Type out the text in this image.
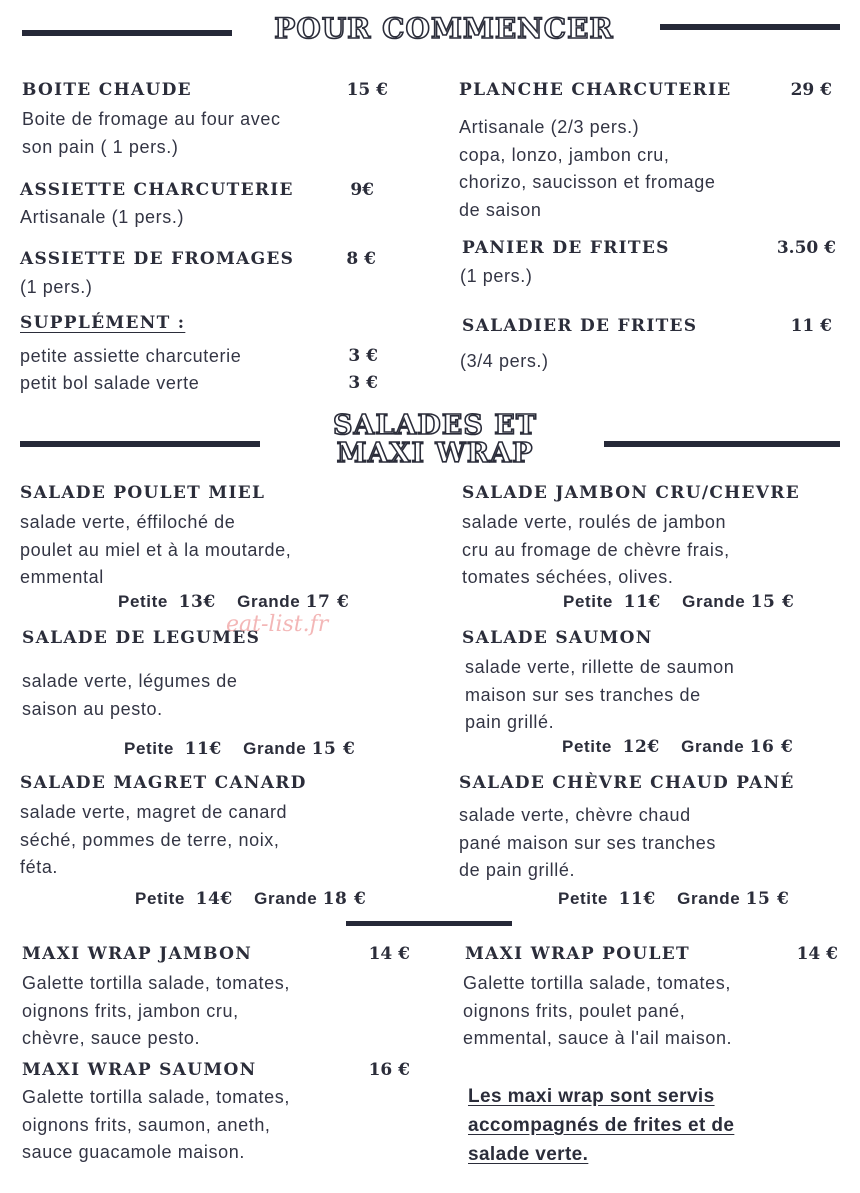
POUR COMMENCER
BOITE CHAUDE	15 €
Boite de fromage au four avec
son pain ( 1 pers.)
ASSIETTE CHARCUTERIE	9€
Artisanale (1 pers.)
ASSIETTE DE FROMAGES	8 €
(1 pers.)
SUPPLÉMENT :
petite assiette charcuterie	3 €
petit bol salade verte	3 €
PLANCHE CHARCUTERIE	29 €
Artisanale (2/3 pers.)
copa, lonzo, jambon cru,
chorizo, saucisson et fromage
de saison
PANIER DE FRITES	3.50 €
(1 pers.)
SALADIER DE FRITES	11 €
(3/4 pers.)
SALADES ET
MAXI WRAP
SALADE POULET MIEL
salade verte, éffiloché de
poulet au miel et à la moutarde,
emmental
Petite 13€ Grande 17 €
SALADE DE LEGUMES
salade verte, légumes de
saison au pesto.
Petite 11€ Grande 15 €
SALADE MAGRET CANARD
salade verte, magret de canard
séché, pommes de terre, noix,
féta.
Petite 14€ Grande 18 €
SALADE JAMBON CRU/CHEVRE
salade verte, roulés de jambon
cru au fromage de chèvre frais,
tomates séchées, olives.
Petite 11€ Grande 15 €
SALADE SAUMON
salade verte, rillette de saumon
maison sur ses tranches de
pain grillé.
Petite 12€ Grande 16 €
SALADE CHÈVRE CHAUD PANÉ
salade verte, chèvre chaud
pané maison sur ses tranches
de pain grillé.
Petite 11€ Grande 15 €
MAXI WRAP JAMBON	14 €
Galette tortilla salade, tomates,
oignons frits, jambon cru,
chèvre, sauce pesto.
MAXI WRAP SAUMON	16 €
Galette tortilla salade, tomates,
oignons frits, saumon, aneth,
sauce guacamole maison.
MAXI WRAP POULET	14 €
Galette tortilla salade, tomates,
oignons frits, poulet pané,
emmental, sauce à l'ail maison.
Les maxi wrap sont servis
accompagnés de frites et de
salade verte.
eat-list.fr
